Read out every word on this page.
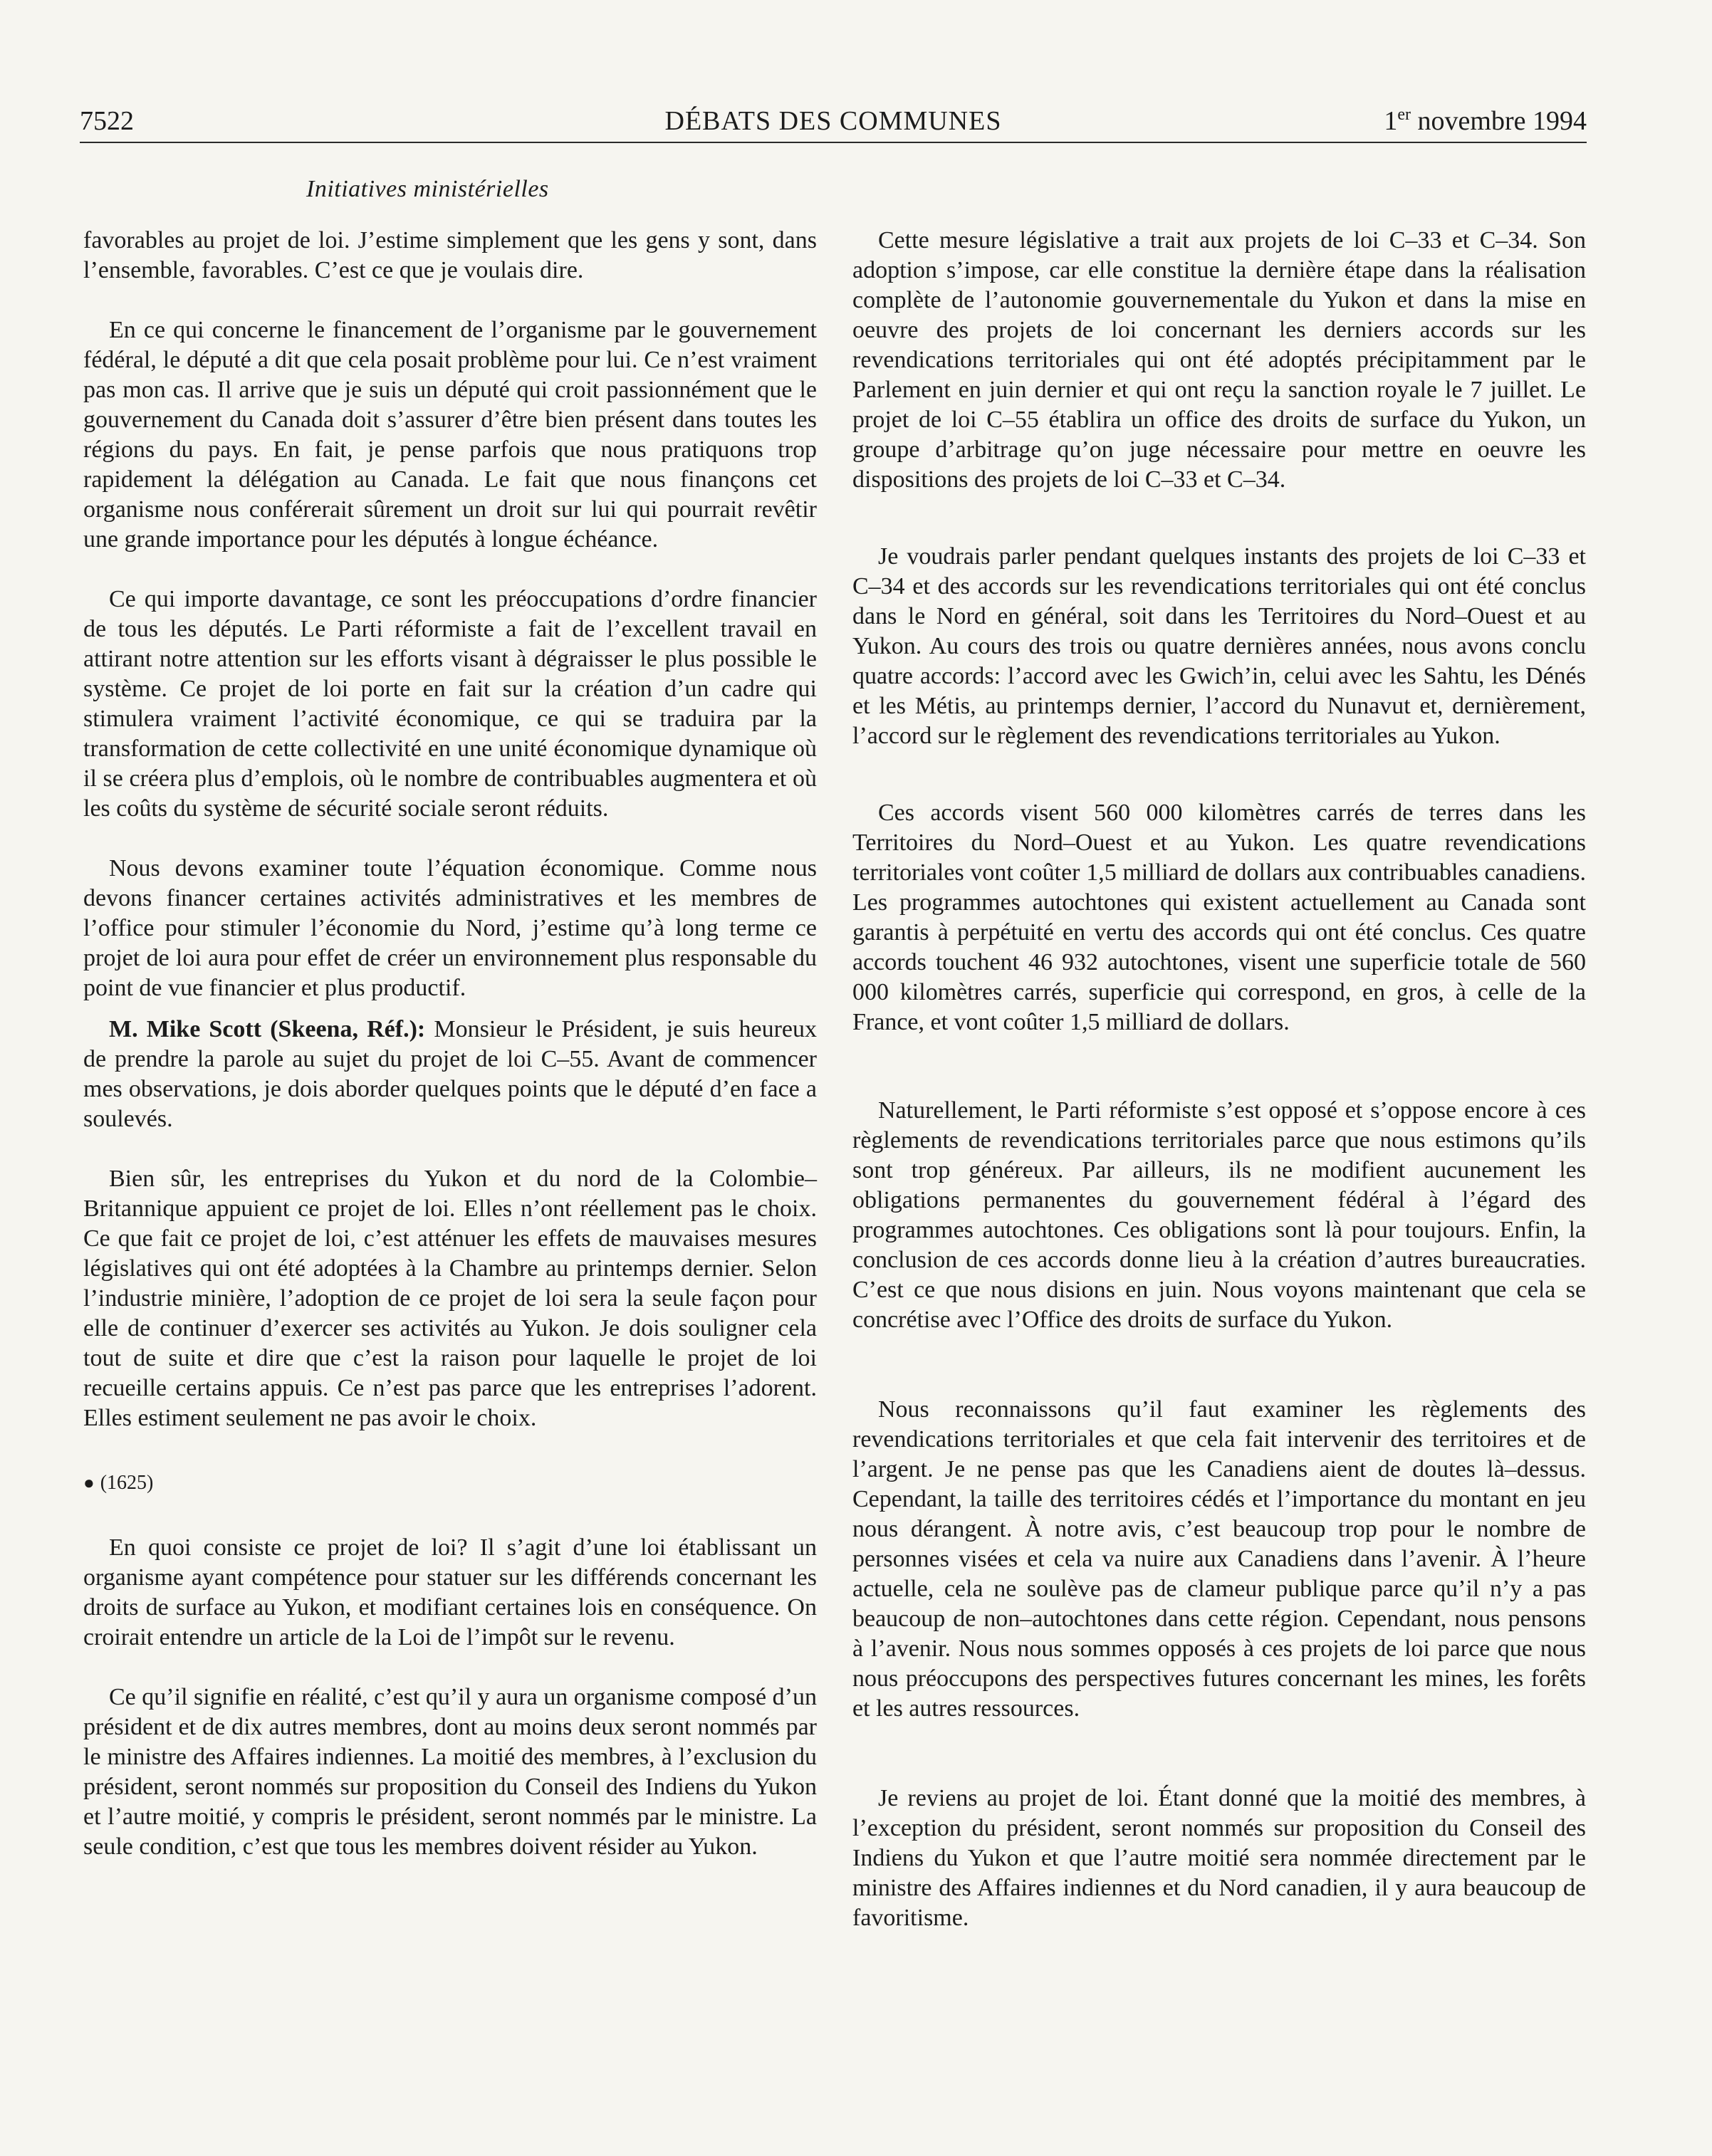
7522	DÉBATS DES COMMUNES	1er novembre 1994
Initiatives ministérielles

favorables au projet de loi. J’estime simplement que les gens y sont, dans l’ensemble, favorables. C’est ce que je voulais dire.

En ce qui concerne le financement de l’organisme par le gouvernement fédéral, le député a dit que cela posait problème pour lui. Ce n’est vraiment pas mon cas. Il arrive que je suis un député qui croit passionnément que le gouvernement du Canada doit s’assurer d’être bien présent dans toutes les régions du pays. En fait, je pense parfois que nous pratiquons trop rapidement la délégation au Canada. Le fait que nous finançons cet organisme nous conférerait sûrement un droit sur lui qui pourrait revêtir une grande importance pour les députés à longue échéance.

Ce qui importe davantage, ce sont les préoccupations d’ordre financier de tous les députés. Le Parti réformiste a fait de l’excellent travail en attirant notre attention sur les efforts visant à dégraisser le plus possible le système. Ce projet de loi porte en fait sur la création d’un cadre qui stimulera vraiment l’activité économique, ce qui se traduira par la transformation de cette collectivité en une unité économique dynamique où il se créera plus d’emplois, où le nombre de contribuables augmentera et où les coûts du système de sécurité sociale seront réduits.

Nous devons examiner toute l’équation économique. Comme nous devons financer certaines activités administratives et les membres de l’office pour stimuler l’économie du Nord, j’estime qu’à long terme ce projet de loi aura pour effet de créer un environnement plus responsable du point de vue financier et plus productif.

M. Mike Scott (Skeena, Réf.): Monsieur le Président, je suis heureux de prendre la parole au sujet du projet de loi C–55. Avant de commencer mes observations, je dois aborder quelques points que le député d’en face a soulevés.

Bien sûr, les entreprises du Yukon et du nord de la Colombie–Britannique appuient ce projet de loi. Elles n’ont réellement pas le choix. Ce que fait ce projet de loi, c’est atténuer les effets de mauvaises mesures législatives qui ont été adoptées à la Chambre au printemps dernier. Selon l’industrie minière, l’adoption de ce projet de loi sera la seule façon pour elle de continuer d’exercer ses activités au Yukon. Je dois souligner cela tout de suite et dire que c’est la raison pour laquelle le projet de loi recueille certains appuis. Ce n’est pas parce que les entreprises l’adorent. Elles estiment seulement ne pas avoir le choix.

● (1625)

En quoi consiste ce projet de loi? Il s’agit d’une loi établissant un organisme ayant compétence pour statuer sur les différends concernant les droits de surface au Yukon, et modifiant certaines lois en conséquence. On croirait entendre un article de la Loi de l’impôt sur le revenu.

Ce qu’il signifie en réalité, c’est qu’il y aura un organisme composé d’un président et de dix autres membres, dont au moins deux seront nommés par le ministre des Affaires indiennes. La moitié des membres, à l’exclusion du président, seront nommés sur proposition du Conseil des Indiens du Yukon et l’autre moitié, y compris le président, seront nommés par le ministre. La seule condition, c’est que tous les membres doivent résider au Yukon.

Cette mesure législative a trait aux projets de loi C–33 et C–34. Son adoption s’impose, car elle constitue la dernière étape dans la réalisation complète de l’autonomie gouvernementale du Yukon et dans la mise en oeuvre des projets de loi concernant les derniers accords sur les revendications territoriales qui ont été adoptés précipitamment par le Parlement en juin dernier et qui ont reçu la sanction royale le 7 juillet. Le projet de loi C–55 établira un office des droits de surface du Yukon, un groupe d’arbitrage qu’on juge nécessaire pour mettre en oeuvre les dispositions des projets de loi C–33 et C–34.

Je voudrais parler pendant quelques instants des projets de loi C–33 et C–34 et des accords sur les revendications territoriales qui ont été conclus dans le Nord en général, soit dans les Territoires du Nord–Ouest et au Yukon. Au cours des trois ou quatre dernières années, nous avons conclu quatre accords: l’accord avec les Gwich’in, celui avec les Sahtu, les Dénés et les Métis, au printemps dernier, l’accord du Nunavut et, dernièrement, l’accord sur le règlement des revendications territoriales au Yukon.

Ces accords visent 560 000 kilomètres carrés de terres dans les Territoires du Nord–Ouest et au Yukon. Les quatre revendications territoriales vont coûter 1,5 milliard de dollars aux contribuables canadiens. Les programmes autochtones qui existent actuellement au Canada sont garantis à perpétuité en vertu des accords qui ont été conclus. Ces quatre accords touchent 46 932 autochtones, visent une superficie totale de 560 000 kilomètres carrés, superficie qui correspond, en gros, à celle de la France, et vont coûter 1,5 milliard de dollars.

Naturellement, le Parti réformiste s’est opposé et s’oppose encore à ces règlements de revendications territoriales parce que nous estimons qu’ils sont trop généreux. Par ailleurs, ils ne modifient aucunement les obligations permanentes du gouvernement fédéral à l’égard des programmes autochtones. Ces obligations sont là pour toujours. Enfin, la conclusion de ces accords donne lieu à la création d’autres bureaucraties. C’est ce que nous disions en juin. Nous voyons maintenant que cela se concrétise avec l’Office des droits de surface du Yukon.

Nous reconnaissons qu’il faut examiner les règlements des revendications territoriales et que cela fait intervenir des territoires et de l’argent. Je ne pense pas que les Canadiens aient de doutes là–dessus. Cependant, la taille des territoires cédés et l’importance du montant en jeu nous dérangent. À notre avis, c’est beaucoup trop pour le nombre de personnes visées et cela va nuire aux Canadiens dans l’avenir. À l’heure actuelle, cela ne soulève pas de clameur publique parce qu’il n’y a pas beaucoup de non–autochtones dans cette région. Cependant, nous pensons à l’avenir. Nous nous sommes opposés à ces projets de loi parce que nous nous préoccupons des perspectives futures concernant les mines, les forêts et les autres ressources.

Je reviens au projet de loi. Étant donné que la moitié des membres, à l’exception du président, seront nommés sur proposition du Conseil des Indiens du Yukon et que l’autre moitié sera nommée directement par le ministre des Affaires indiennes et du Nord canadien, il y aura beaucoup de favoritisme.
